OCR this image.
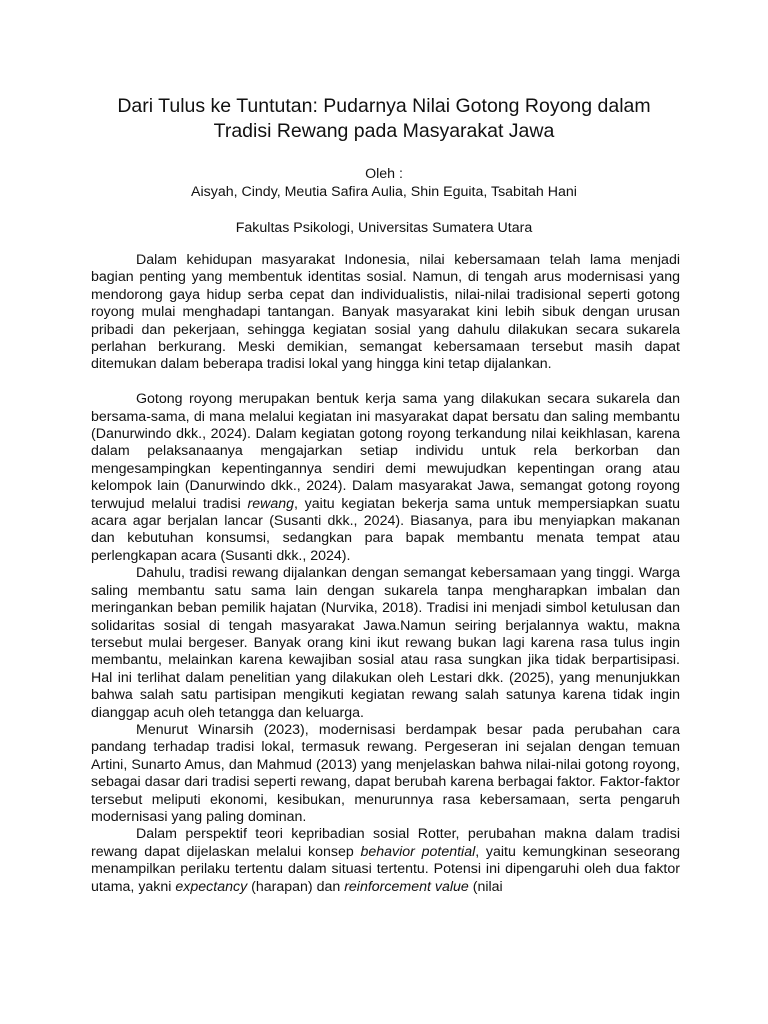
Dari Tulus ke Tuntutan: Pudarnya Nilai Gotong Royong dalam
Tradisi Rewang pada Masyarakat Jawa
Oleh :
Aisyah, Cindy, Meutia Safira Aulia, Shin Eguita, Tsabitah Hani
Fakultas Psikologi, Universitas Sumatera Utara

Dalam kehidupan masyarakat Indonesia, nilai kebersamaan telah lama menjadi bagian penting yang membentuk identitas sosial. Namun, di tengah arus modernisasi yang mendorong gaya hidup serba cepat dan individualistis, nilai-nilai tradisional seperti gotong royong mulai menghadapi tantangan. Banyak masyarakat kini lebih sibuk dengan urusan pribadi dan pekerjaan, sehingga kegiatan sosial yang dahulu dilakukan secara sukarela perlahan berkurang. Meski demikian, semangat kebersamaan tersebut masih dapat ditemukan dalam beberapa tradisi lokal yang hingga kini tetap dijalankan.

Gotong royong merupakan bentuk kerja sama yang dilakukan secara sukarela dan bersama-sama, di mana melalui kegiatan ini masyarakat dapat bersatu dan saling membantu (Danurwindo dkk., 2024). Dalam kegiatan gotong royong terkandung nilai keikhlasan, karena dalam pelaksanaanya mengajarkan setiap individu untuk rela berkorban dan mengesampingkan kepentingannya sendiri demi mewujudkan kepentingan orang atau kelompok lain (Danurwindo dkk., 2024). Dalam masyarakat Jawa, semangat gotong royong terwujud melalui tradisi rewang, yaitu kegiatan bekerja sama untuk mempersiapkan suatu acara agar berjalan lancar (Susanti dkk., 2024). Biasanya, para ibu menyiapkan makanan dan kebutuhan konsumsi, sedangkan para bapak membantu menata tempat atau perlengkapan acara (Susanti dkk., 2024).

Dahulu, tradisi rewang dijalankan dengan semangat kebersamaan yang tinggi. Warga saling membantu satu sama lain dengan sukarela tanpa mengharapkan imbalan dan meringankan beban pemilik hajatan (Nurvika, 2018). Tradisi ini menjadi simbol ketulusan dan solidaritas sosial di tengah masyarakat Jawa.Namun seiring berjalannya waktu, makna tersebut mulai bergeser. Banyak orang kini ikut rewang bukan lagi karena rasa tulus ingin membantu, melainkan karena kewajiban sosial atau rasa sungkan jika tidak berpartisipasi. Hal ini terlihat dalam penelitian yang dilakukan oleh Lestari dkk. (2025), yang menunjukkan bahwa salah satu partisipan mengikuti kegiatan rewang salah satunya karena tidak ingin dianggap acuh oleh tetangga dan keluarga.

Menurut Winarsih (2023), modernisasi berdampak besar pada perubahan cara pandang terhadap tradisi lokal, termasuk rewang. Pergeseran ini sejalan dengan temuan Artini, Sunarto Amus, dan Mahmud (2013) yang menjelaskan bahwa nilai-nilai gotong royong, sebagai dasar dari tradisi seperti rewang, dapat berubah karena berbagai faktor. Faktor-faktor tersebut meliputi ekonomi, kesibukan, menurunnya rasa kebersamaan, serta pengaruh modernisasi yang paling dominan.

Dalam perspektif teori kepribadian sosial Rotter, perubahan makna dalam tradisi rewang dapat dijelaskan melalui konsep behavior potential, yaitu kemungkinan seseorang menampilkan perilaku tertentu dalam situasi tertentu. Potensi ini dipengaruhi oleh dua faktor utama, yakni expectancy (harapan) dan reinforcement value (nilai
